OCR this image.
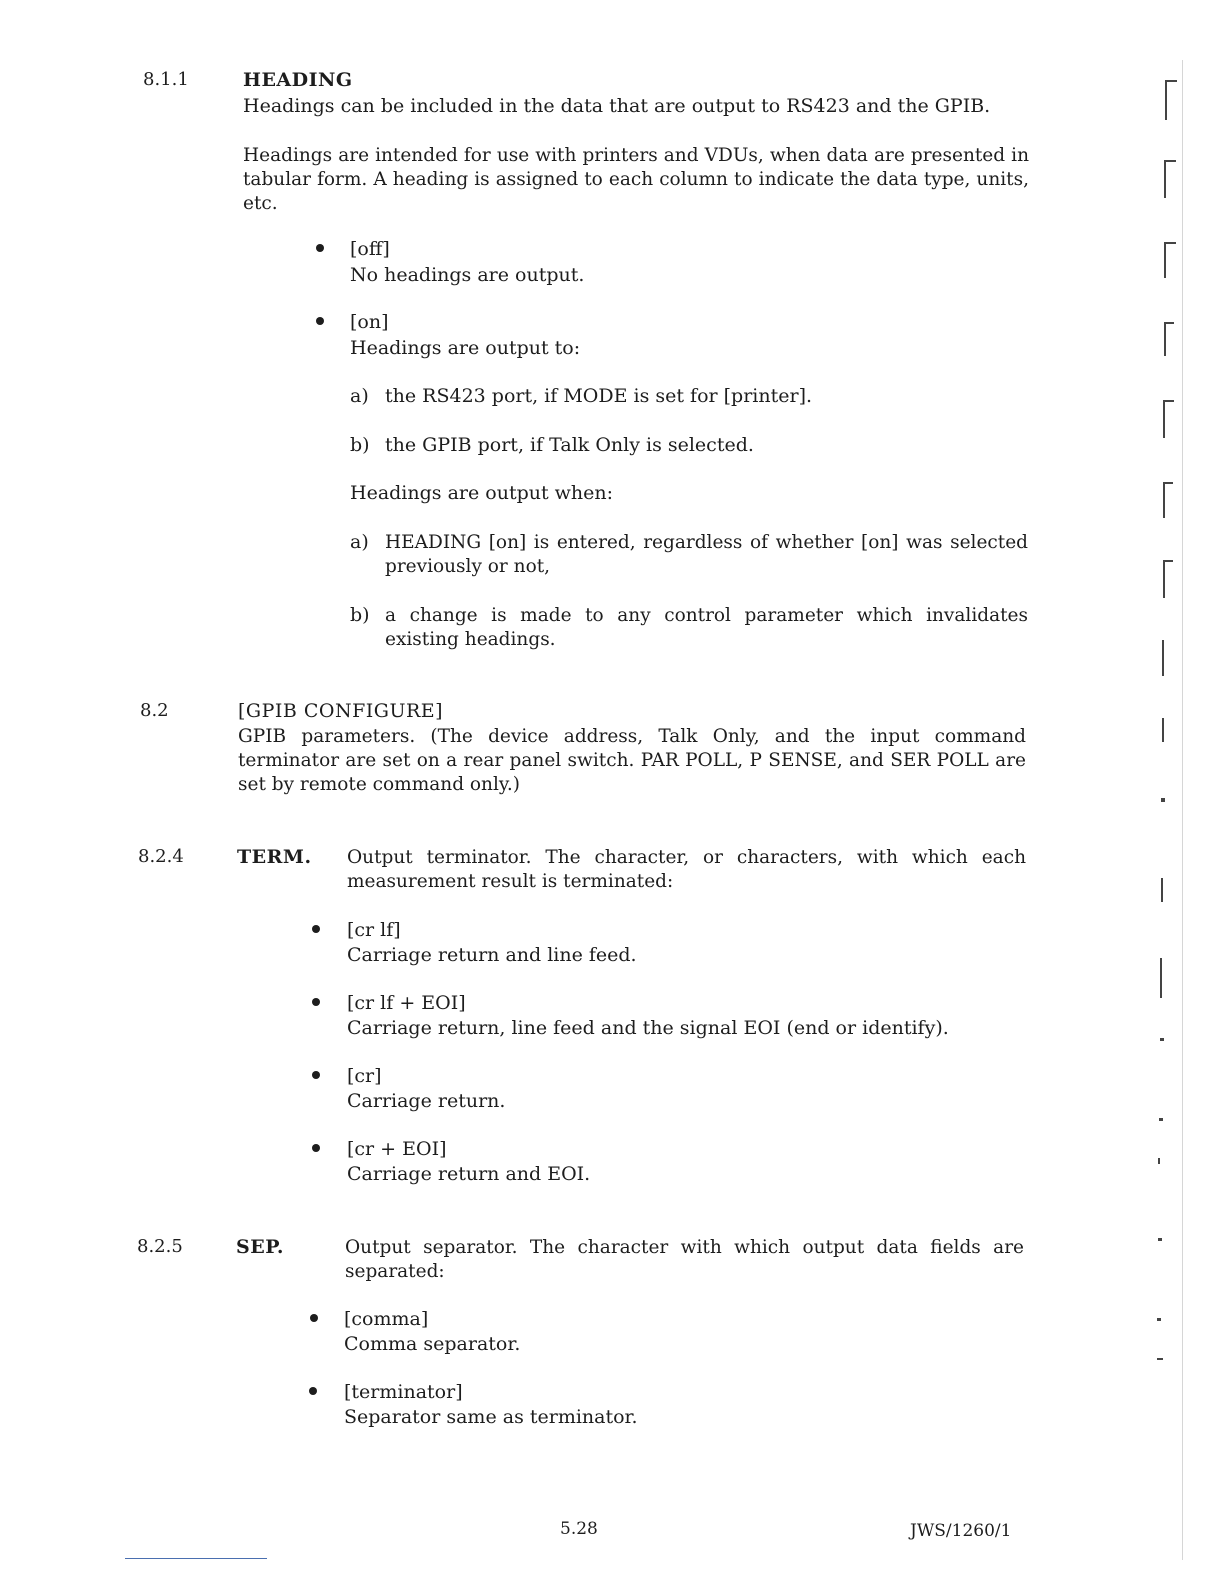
8.1.1	HEADING
Headings can be included in the data that are output to RS423 and the GPIB.
Headings are intended for use with printers and VDUs, when data are presented in tabular form. A heading is assigned to each column to indicate the data type, units, etc.
[off]
No headings are output.
[on]
Headings are output to:
a) the RS423 port, if MODE is set for [printer].
b) the GPIB port, if Talk Only is selected.
Headings are output when:
a) HEADING [on] is entered, regardless of whether [on] was selected previously or not,
b) a change is made to any control parameter which invalidates existing headings.
8.2	[GPIB CONFIGURE]
GPIB parameters. (The device address, Talk Only, and the input command terminator are set on a rear panel switch. PAR POLL, P SENSE, and SER POLL are set by remote command only.)
8.2.4	TERM. Output terminator. The character, or characters, with which each measurement result is terminated:
[cr lf]
Carriage return and line feed.
[cr lf + EOI]
Carriage return, line feed and the signal EOI (end or identify).
[cr]
Carriage return.
[cr + EOI]
Carriage return and EOI.
8.2.5	SEP.	Output separator. The character with which output data fields are separated:
[comma]
Comma separator.
[terminator]
Separator same as terminator.
5.28	JWS/1260/1
